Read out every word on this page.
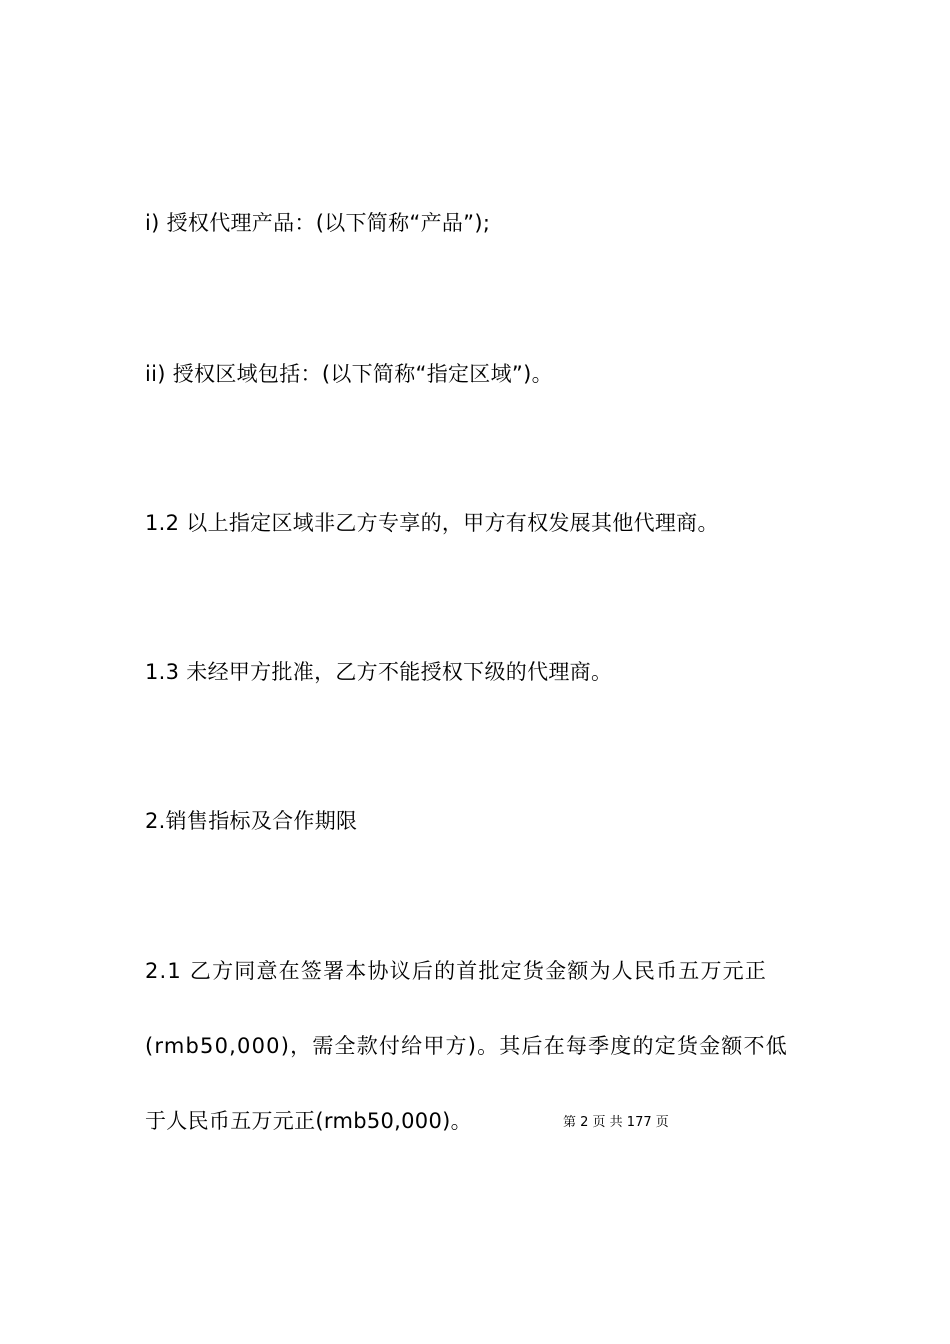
i) 授权代理产品：(以下简称“产品”);
ii) 授权区域包括：(以下简称“指定区域”)。
1.2 以上指定区域非乙方专享的，甲方有权发展其他代理商。
1.3 未经甲方批准，乙方不能授权下级的代理商。
2.销售指标及合作期限
2.1 乙方同意在签署本协议后的首批定货金额为人民币五万元正
(rmb50,000)，需全款付给甲方)。其后在每季度的定货金额不低
于人民币五万元正(rmb50,000)。	第 2 页 共 177 页
